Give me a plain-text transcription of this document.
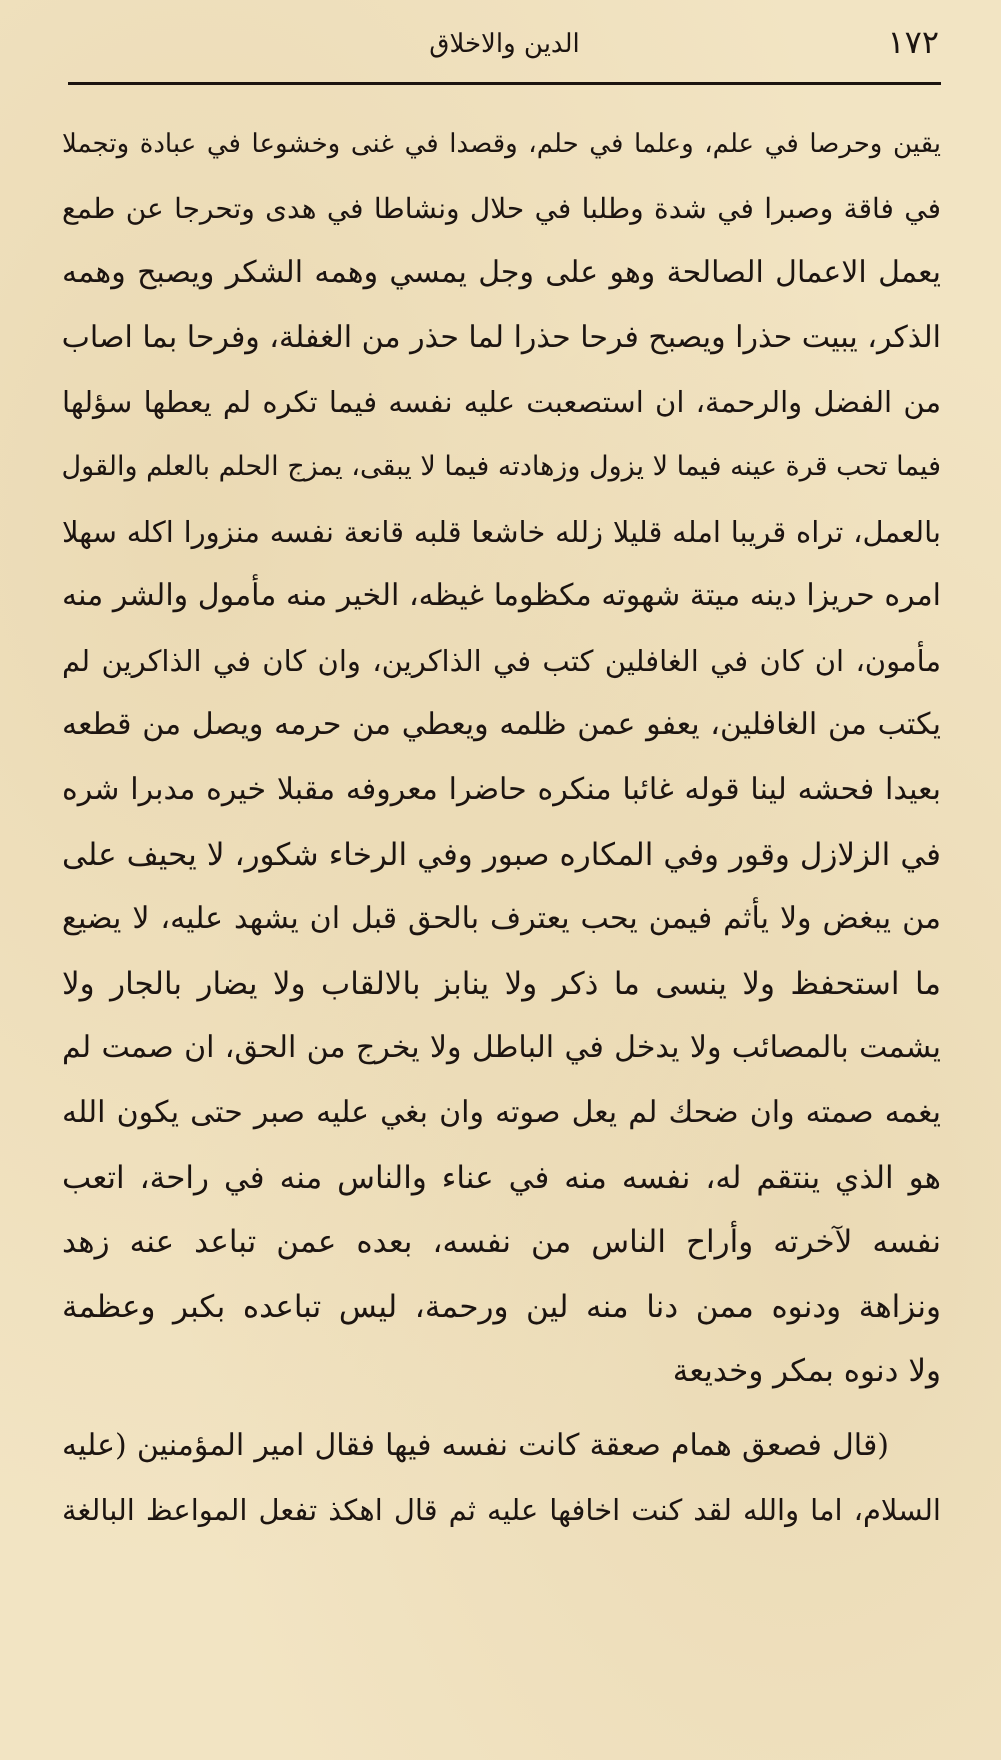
١٧٢
الدين والاخلاق
يقين وحرصا في علم، وعلما في حلم، وقصدا في غنى وخشوعا في عبادة وتجملا
في فاقة وصبرا في شدة وطلبا في حلال ونشاطا في هدى وتحرجا عن طمع
يعمل الاعمال الصالحة وهو على وجل يمسي وهمه الشكر ويصبح وهمه
الذكر، يبيت حذرا ويصبح فرحا حذرا لما حذر من الغفلة، وفرحا بما اصاب
من الفضل والرحمة، ان استصعبت عليه نفسه فيما تكره لم يعطها سؤلها
فيما تحب قرة عينه فيما لا يزول وزهادته فيما لا يبقى، يمزج الحلم بالعلم والقول
بالعمل، تراه قريبا امله قليلا زلله خاشعا قلبه قانعة نفسه منزورا اكله سهلا
امره حريزا دينه ميتة شهوته مكظوما غيظه، الخير منه مأمول والشر منه
مأمون، ان كان في الغافلين كتب في الذاكرين، وان كان في الذاكرين لم
يكتب من الغافلين، يعفو عمن ظلمه ويعطي من حرمه ويصل من قطعه
بعيدا فحشه لينا قوله غائبا منكره حاضرا معروفه مقبلا خيره مدبرا شره
في الزلازل وقور وفي المكاره صبور وفي الرخاء شكور، لا يحيف على
من يبغض ولا يأثم فيمن يحب يعترف بالحق قبل ان يشهد عليه، لا يضيع
ما استحفظ ولا ينسى ما ذكر ولا ينابز بالالقاب ولا يضار بالجار ولا
يشمت بالمصائب ولا يدخل في الباطل ولا يخرج من الحق، ان صمت لم
يغمه صمته وان ضحك لم يعل صوته وان بغي عليه صبر حتى يكون الله
هو الذي ينتقم له، نفسه منه في عناء والناس منه في راحة، اتعب
نفسه لآخرته وأراح الناس من نفسه، بعده عمن تباعد عنه زهد
ونزاهة ودنوه ممن دنا منه لين ورحمة، ليس تباعده بكبر وعظمة
ولا دنوه بمكر وخديعة
(قال فصعق همام صعقة كانت نفسه فيها فقال امير المؤمنين (عليه
السلام، اما والله لقد كنت اخافها عليه ثم قال اهكذ تفعل المواعظ البالغة
